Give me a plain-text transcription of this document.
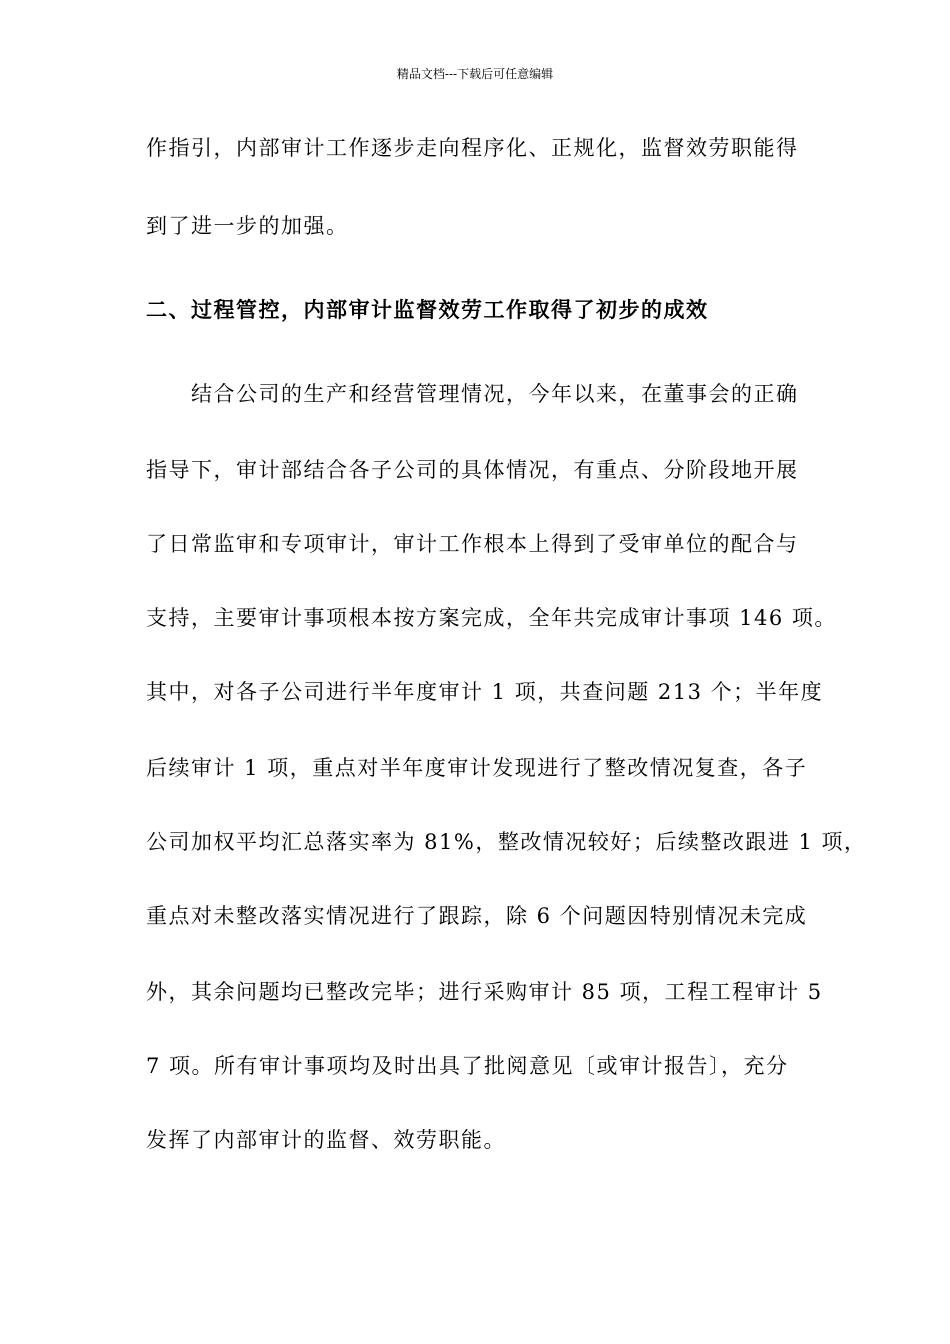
精品文档---下载后可任意编辑
作指引，内部审计工作逐步走向程序化、正规化，监督效劳职能得
到了进一步的加强。
二、过程管控，内部审计监督效劳工作取得了初步的成效
　　结合公司的生产和经营管理情况，今年以来，在董事会的正确
指导下，审计部结合各子公司的具体情况，有重点、分阶段地开展
了日常监审和专项审计，审计工作根本上得到了受审单位的配合与
支持，主要审计事项根本按方案完成，全年共完成审计事项 146 项。
其中，对各子公司进行半年度审计 1 项，共查问题 213 个；半年度
后续审计 1 项，重点对半年度审计发现进行了整改情况复查，各子
公司加权平均汇总落实率为 81%，整改情况较好；后续整改跟进 1 项，
重点对未整改落实情况进行了跟踪，除 6 个问题因特别情况未完成
外，其余问题均已整改完毕；进行采购审计 85 项，工程工程审计 5
7 项。所有审计事项均及时出具了批阅意见〔或审计报告〕，充分
发挥了内部审计的监督、效劳职能。
